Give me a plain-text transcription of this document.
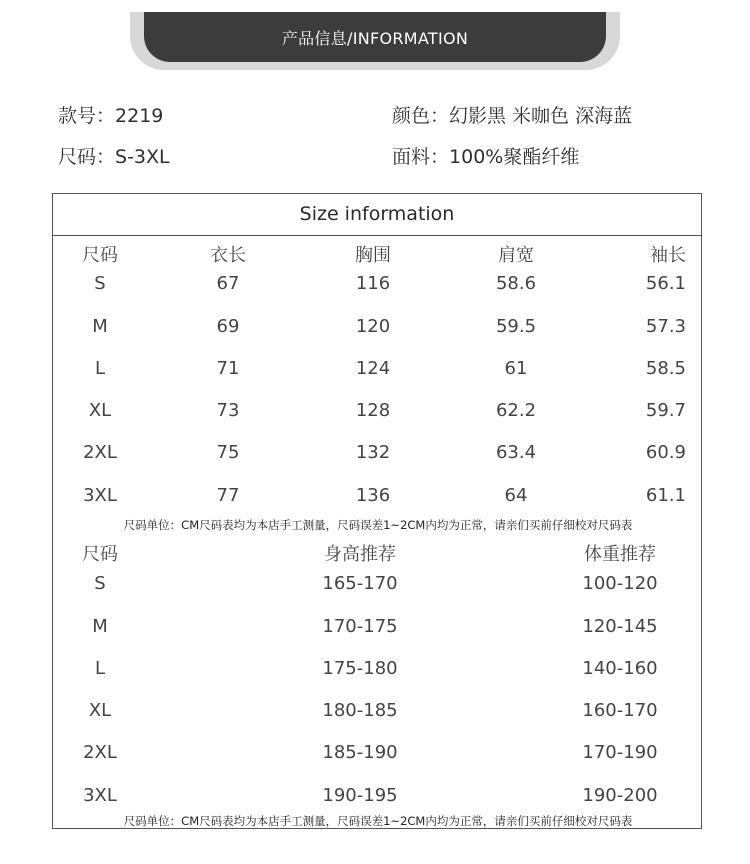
产品信息/INFORMATION
款号：2219
尺码：S-3XL
颜色：幻影黑 米咖色 深海蓝
面料：100%聚酯纤维
Size information
尺码	衣长	胸围	肩宽	袖长
S	67	116	58.6	56.1
M	69	120	59.5	57.3
L	71	124	61	58.5
XL	73	128	62.2	59.7
2XL	75	132	63.4	60.9
3XL	77	136	64	61.1
尺码单位：CM尺码表均为本店手工测量，尺码误差1~2CM内均为正常，请亲们买前仔细校对尺码表
尺码	身高推荐	体重推荐
S	165-170	100-120
M	170-175	120-145
L	175-180	140-160
XL	180-185	160-170
2XL	185-190	170-190
3XL	190-195	190-200
尺码单位：CM尺码表均为本店手工测量，尺码误差1~2CM内均为正常，请亲们买前仔细校对尺码表
